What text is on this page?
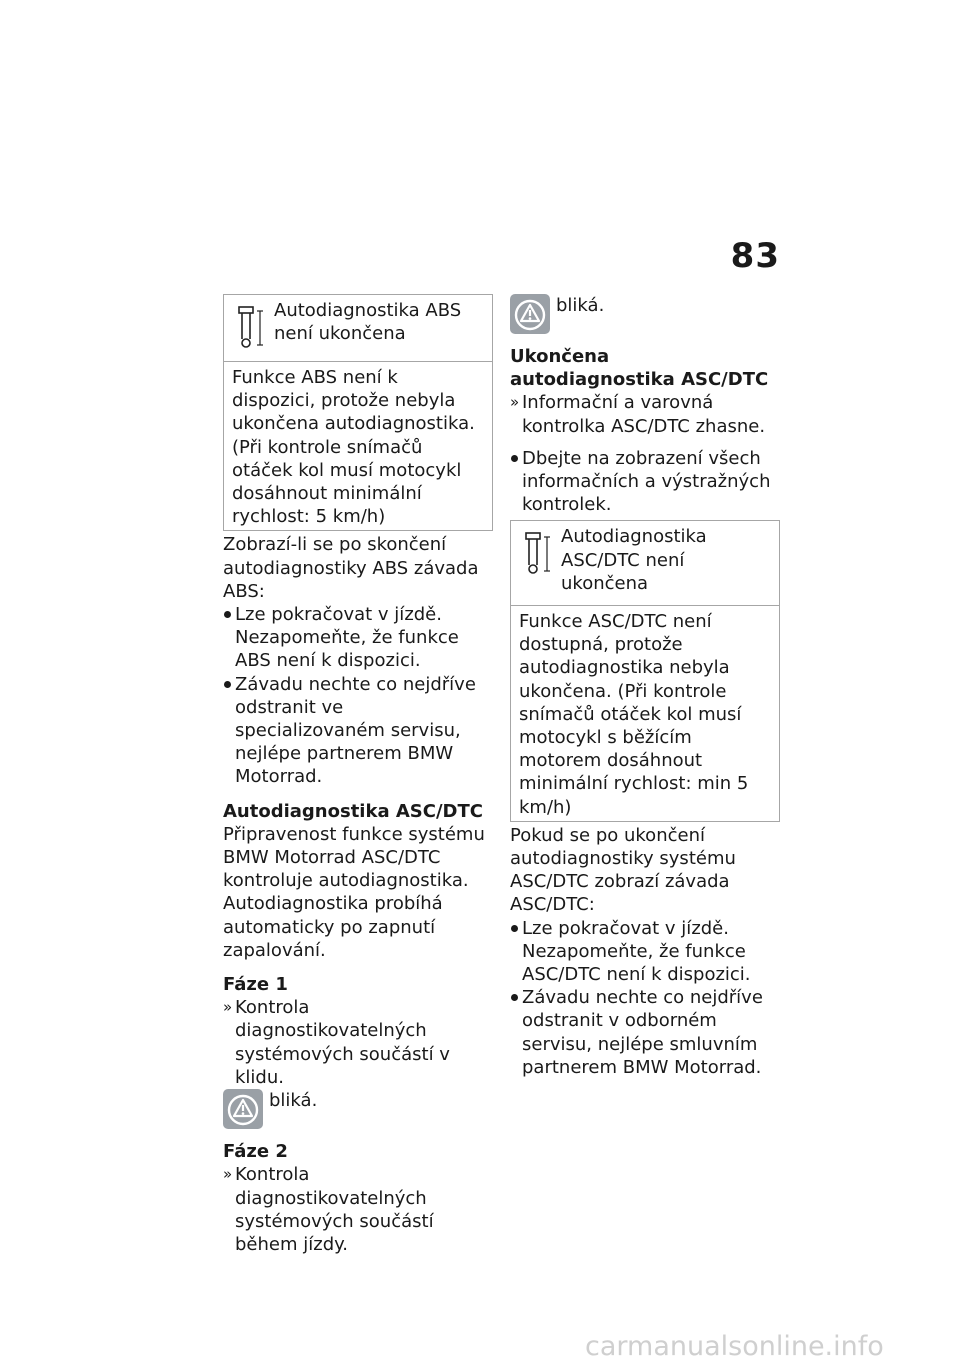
83
Autodiagnostika ABS není ukončena
Funkce ABS není k dispozici, protože nebyla ukončena autodiagnostika. (Při kontrole snímačů otáček kol musí motocykl dosáhnout minimální rychlost: 5 km/h)

Zobrazí-li se po skončení autodiagnostiky ABS závada ABS:

Lze pokračovat v jízdě. Nezapomeňte, že funkce ABS není k dispozici.

Závadu nechte co nejdříve odstranit ve specializovaném servisu, nejlépe partnerem BMW Motorrad.

Autodiagnostika ASC/DTC

Připravenost funkce systému BMW Motorrad ASC/DTC kontroluje autodiagnostika. Autodiagnostika probíhá automaticky po zapnutí zapalování.

Fáze 1

» Kontrola diagnostikovatelných systémových součástí v klidu.

bliká.

Fáze 2

» Kontrola diagnostikovatelných systémových součástí během jízdy.

bliká.

Ukončena autodiagnostika ASC/DTC

» Informační a varovná kontrolka ASC/DTC zhasne.

Dbejte na zobrazení všech informačních a výstražných kontrolek.

Autodiagnostika ASC/DTC není ukončena
Funkce ASC/DTC není dostupná, protože autodiagnostika nebyla ukončena. (Při kontrole snímačů otáček kol musí motocykl s běžícím motorem dosáhnout minimální rychlost: min 5 km/h)

Pokud se po ukončení autodiagnostiky systému ASC/DTC zobrazí závada ASC/DTC:

Lze pokračovat v jízdě. Nezapomeňte, že funkce ASC/DTC není k dispozici.

Závadu nechte co nejdříve odstranit v odborném servisu, nejlépe smluvním partnerem BMW Motorrad.

carmanualsonline.info
